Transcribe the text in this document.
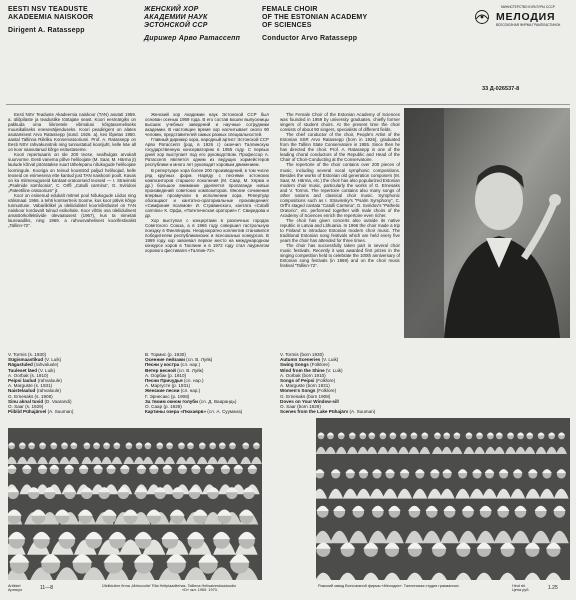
EESTI NSV TEADUSTE
AKADEEMIA NAISKOOR
Dirigent A. Ratassepp
ЖЕНСКИЙ ХОР
АКАДЕМИИ НАУК
ЭСТОНСКОЙ ССР
Дирижер Арво Ратассепп
FEMALE CHOIR
OF THE ESTONIAN ACADEMY
OF SCIENCES
Conductor Arvo Ratassepp
МИНИСТЕРСТВО КУЛЬТУРЫ СССР
МЕЛОДИЯ
ВСЕСОЮЗНАЯ ФИРМА ГРАМПЛАСТИНОК
33 Д-026537-8

Eesti NSV Teaduste Akadeemia naiskoor (TAN) asutati 1959. a. üliõpilaste ja teaduslike töötajate seast. Koori eesmärgiks on pakkuda oma liikmetele võimalusi kõrgtasemeliseks muusikaliseks eneseväljenduseks. Koori peadirigent on alates asutamisest Arvo Ratassepp (sünd. 1926. a), kes lõpetas 1950. aastal Tallinna Riikliku Konservatooriumi. Prof. A. Ratassepp on Eesti NSV rahvakunstnik ning tunnustatud koorijuht, kelle käe all on koor saavutanud kõrge esitustaseme.

Koori repertuaaris on üle 200 teose, sealhulgas arvukalt suurvorme. Eesti vanema põlve heliloojate (M. Saar, M. Härma jt) laulude kõrval pööratakse suurt tähelepanu nõukogude heliloojate loomingule. Kooriga on teinud koostööd paljud heliloojad, kelle teoseid on esimesena ette kantud just TAN naiskoori poolt. Kavas on ka mitmesuguseid kantaat-oratoorseid teoseid — I. Stravinski „Psalmide sümfoonia“, C. Orffi „Catulli carmina“, G. Sviridovi „Pateetiline oratoorium“ jt.

Koor on esinenud edukalt mitmel pool Nõukogude Liidus ning välismaal. 1966. a tehti kontsertreis Soome, kus koor pälvis kõrge tunnustuse. Vabariiklikel ja üleliidulistel koorivõistlustel on TAN naiskoor korduvalt tulnud esikohale. Koor võttis osa üleliidulisest amatöörkollektiivide ülevaatusest (1967), kus ta nimetati laureaadiks, ning 1969. a rahvusvahelisest koorifestivalist „Tallinn-72“.

Женский хор Академии наук Эстонской ССР был основан осенью 1959 года. В его состав вошли выпускницы высших учебных заведений и научные сотрудники академии. В настоящее время хор насчитывает около 90 человек, представителей самых разных специальностей.

Главный дирижер хора, народный артист Эстонской ССР Арво Ратассепп (род. в 1926 г.) окончил Таллинскую государственную консерваторию в 1955 году. С первых дней хор выступает под его руководством. Профессор А. Ратассепп является одним из ведущих хормейстеров республики и много лет руководит хоровым движением.

В репертуаре хора более 200 произведений, в том числе ряд крупных форм. Наряду с песнями эстонских композиторов старшего поколения (М. Саар, М. Хярма и др.) большое внимание уделяется пропаганде новых произведений советских композиторов. Многие сочинения впервые прозвучали в исполнении хора. Репертуар обогащают и кантатно-ораториальные произведения: «Симфония псалмов» И. Стравинского, кантата «Catulli carmina» К. Орфа, «Патетическая оратория» Г. Свиридова и др.

Хор выступал с концертами в различных городах Советского Союза, а в 1966 году совершил гастрольную поездку в Финляндию. Неоднократно коллектив становился победителем республиканских и всесоюзных конкурсов. В 1969 году хор завоевал первое место на международном конкурсе хоров в Таллине и в 1972 году стал лауреатом хорового фестиваля «Таллин-72».

The Female Choir of the Estonian Academy of Sciences was founded in 1959 by university graduates, chiefly former singers of student choirs. At the present time the choir consists of about 90 singers, specialists of different fields.

The chief conductor of the choir, People's Artist of the Estonian SSR Arvo Ratassepp (born in 1926), graduated from the Tallinn State Conservatoire in 1955. Since then he has directed the choir. Prof. A. Ratassepp is one of the leading choral conductors of the Republic and Head of the Chair of Choir-Conducting at the Conservatoire.

The repertoire of the choir contains over 200 pieces of music, including several vocal symphonic compositions. Besides the works of Estonian old generation composers (M. Saar, M. Härma, etc.) the choir has also popularized Estonian modern choir music, particularly the works of G. Ernesaks and V. Tormis. The repertoire contains also many songs of other nations and classical choir music. Symphonic compositions such as I. Stravinsky's “Psalm Symphony”, C. Orff's staged cantata “Catulli Carmina”, G. Sviridov's “Pathetic Oratorio”, etc. performed together with male choirs of the Academy of Sciences enrich the repertoire even richer.

The choir has given concerts also outside its native republic in Latvia and Lithuania. In 1966 the choir made a trip to Finland to introduce Estonian modern choir music. The traditional Estonian song festivals which are held every five years the choir has attended for three times.

The choir has successfully taken part in several choir music festivals. Recently it was awarded first prizes in the singing competition held to celebrate the 100th anniversary of Estonian song festivals (in 1969) and on the choir music festival “Tallinn-72”.

V. Tormis (s. 1930)
Sügismaastikud (V. Luik)
Rägastuled (rahvaluule)
Tuuleset läed (V. Luik)
A. Oorbak (s. 1910)
Peipsi laulud (rahvaluule)
A. Marguste (s. 1931)
Naistelaulud (rahvaluule)
G. Ernesaks (s. 1908)
Sinu aknal tuvid (D. Vaarandi)
O. Saar (s. 1929)
Piiblid Pühajärvel (A. Suuman)
В. Тормис (р. 1930)
Осенние пейзажи (сл. В. Луйк)
Песни у костра (сл. нар.)
Ветер весной (сл. В. Луйк)
А. Оорбак (р. 1910)
Песни Причудья (сл. нар.)
А. Маргусте (р. 1931)
Женские песни (сл. нар.)
Г. Эрнесакс (р. 1908)
За твоим окном голуби (сл. Д. Ваарандь)
О. Саар (р. 1929)
Картины озера «Пюхаярв» (сл. А. Суумана)
V. Tormis (born 1930)
Autumn Sceneries (V. Luik)
Swing Songs (Folklore)
Wind from the Shine (V. Luik)
A. Oorbak (born 1910)
Songs of Peipsi (Folklore)
A. Marguste (born 1931)
Women's Songs (Folklore)
G. Ernesaks (born 1908)
Doves on Your Window-sill
O. Saar (born 1929)
Scenes from the Lake Pühajärv (A. Suuman)
Artikkel
Артикул	11—8	Üleliiduline firma „Melooodia“ Riia Heliplaaditehas. Tallinna Helisalvestusstuudio
«D» зкл. 1969. 1973.
Рижский завод Всесоюзной фирмы «Мелодия». Таллинская студия грамзаписи	Hind rbl.
Цена руб.	1.25
